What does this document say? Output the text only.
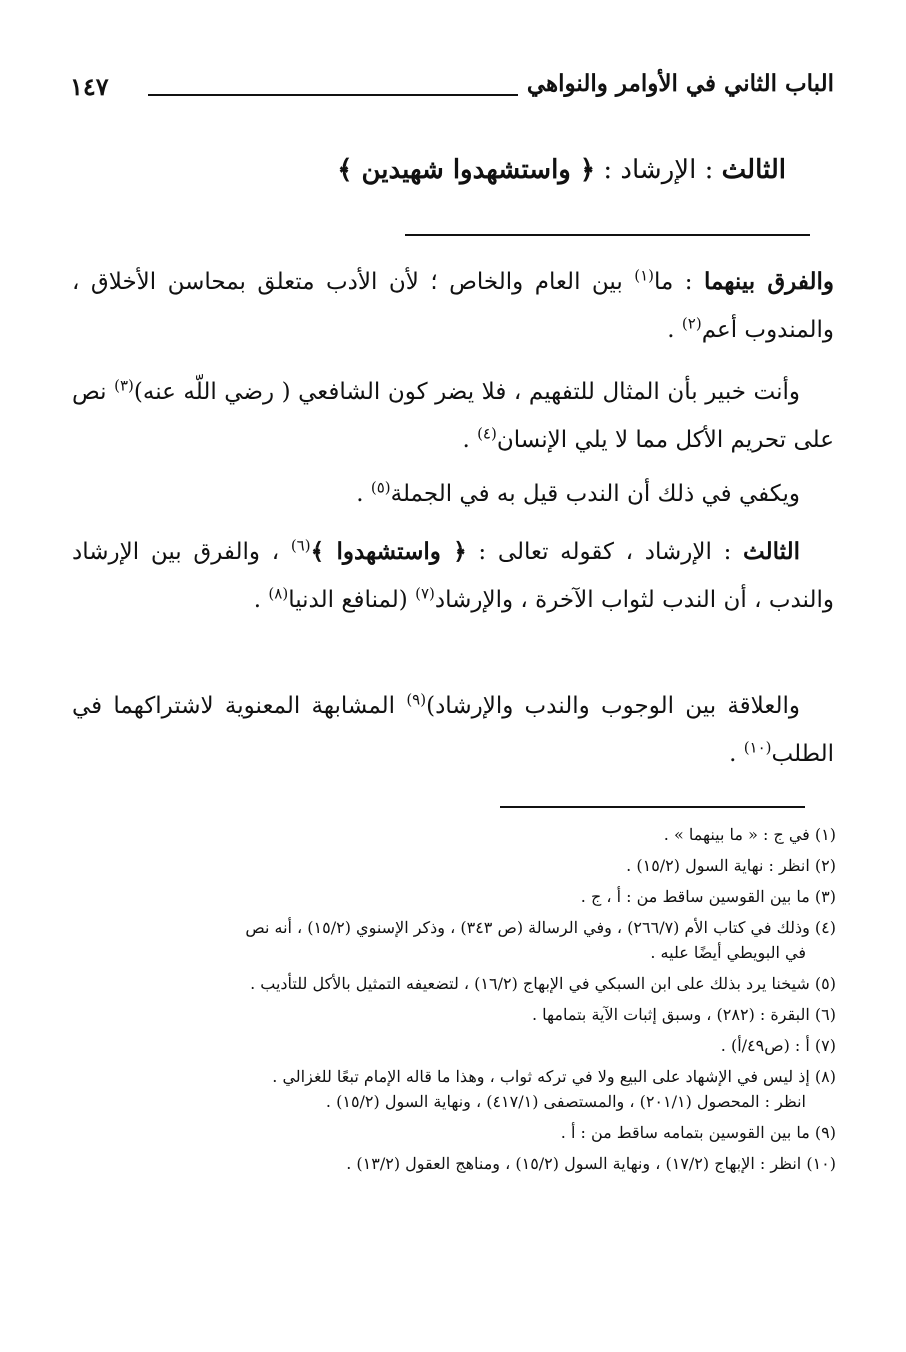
الباب الثاني في الأوامر والنواهي
١٤٧
الثالث : الإرشاد : ﴿ واستشهدوا شهيدين ﴾
والفرق بينهما : ما$^{(١)}$ بين العام والخاص ؛ لأن الأدب متعلق بمحاسن الأخلاق ، والمندوب أعم$^{(٢)}$ .
وأنت خبير بأن المثال للتفهيم ، فلا يضر كون الشافعي ( رضي اللّه عنه)$^{(٣)}$ نص على تحريم الأكل مما لا يلي الإنسان$^{(٤)}$ .
ويكفي في ذلك أن الندب قيل به في الجملة$^{(٥)}$ .
الثالث : الإرشاد ، كقوله تعالى : ﴿ واستشهدوا ﴾$^{(٦)}$ ، والفرق بين الإرشاد والندب ، أن الندب لثواب الآخرة ، والإرشاد$^{(٧)}$ (لمنافع الدنيا$^{(٨)}$ .
والعلاقة بين الوجوب والندب والإرشاد)$^{(٩)}$ المشابهة المعنوية لاشتراكهما في الطلب$^{(١٠)}$ .
(١) في ج : « ما بينهما » .
(٢) انظر : نهاية السول (١٥/٢) .
(٣) ما بين القوسين ساقط من : أ ، ج .
(٤) وذلك في كتاب الأم (٢٦٦/٧) ، وفي الرسالة (ص ٣٤٣) ، وذكر الإسنوي (١٥/٢) ، أنه نص
في البويطي أيضًا عليه .
(٥) شيخنا يرد بذلك على ابن السبكي في الإبهاج (١٦/٢) ، لتضعيفه التمثيل بالأكل للتأديب .
(٦) البقرة : (٢٨٢) ، وسبق إثبات الآية بتمامها .
(٧) أ : (ص٤٩/أ) .
(٨) إذ ليس في الإشهاد على البيع ولا في تركه ثواب ، وهذا ما قاله الإمام تبعًا للغزالي .
انظر : المحصول (٢٠١/١) ، والمستصفى (٤١٧/١) ، ونهاية السول (١٥/٢) .
(٩) ما بين القوسين بتمامه ساقط من : أ .
(١٠) انظر : الإبهاج (١٧/٢) ، ونهاية السول (١٥/٢) ، ومناهج العقول (١٣/٢) .
